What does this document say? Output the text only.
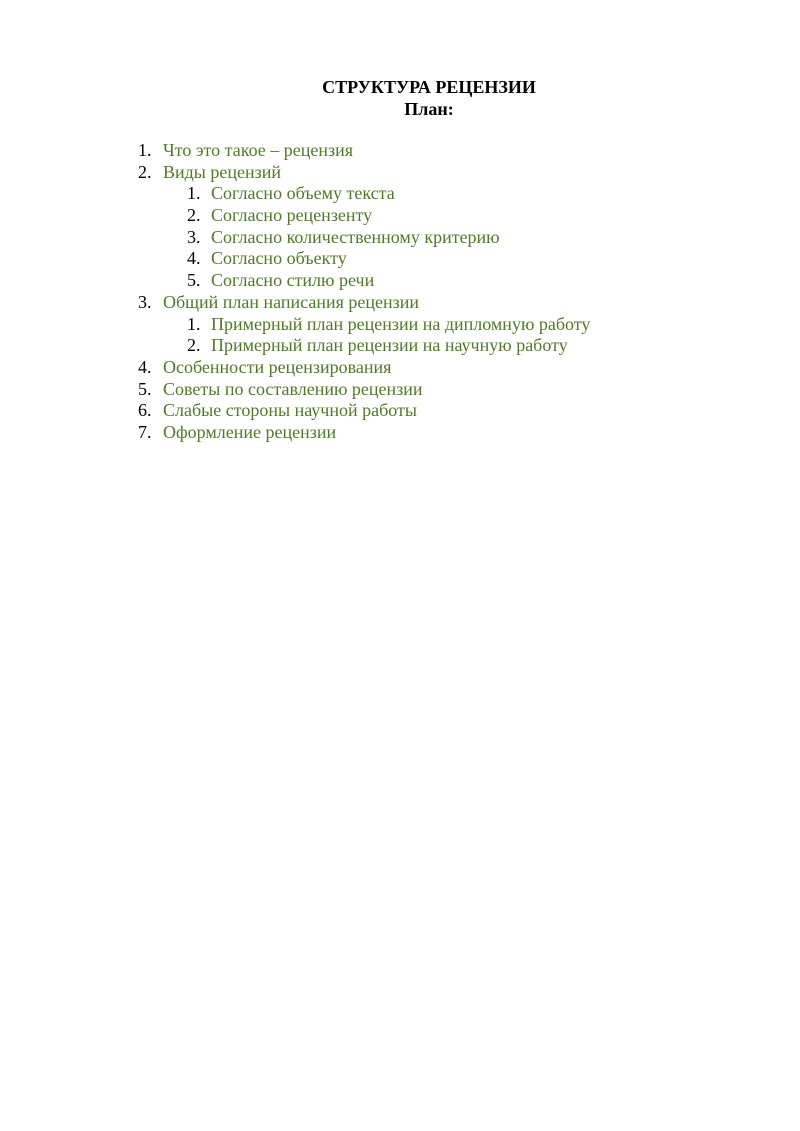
СТРУКТУРА РЕЦЕНЗИИ
План:
1. Что это такое – рецензия
2. Виды рецензий
1. Согласно объему текста
2. Согласно рецензенту
3. Согласно количественному критерию
4. Согласно объекту
5. Согласно стилю речи
3. Общий план написания рецензии
1. Примерный план рецензии на дипломную работу
2. Примерный план рецензии на научную работу
4. Особенности рецензирования
5. Советы по составлению рецензии
6. Слабые стороны научной работы
7. Оформление рецензии
